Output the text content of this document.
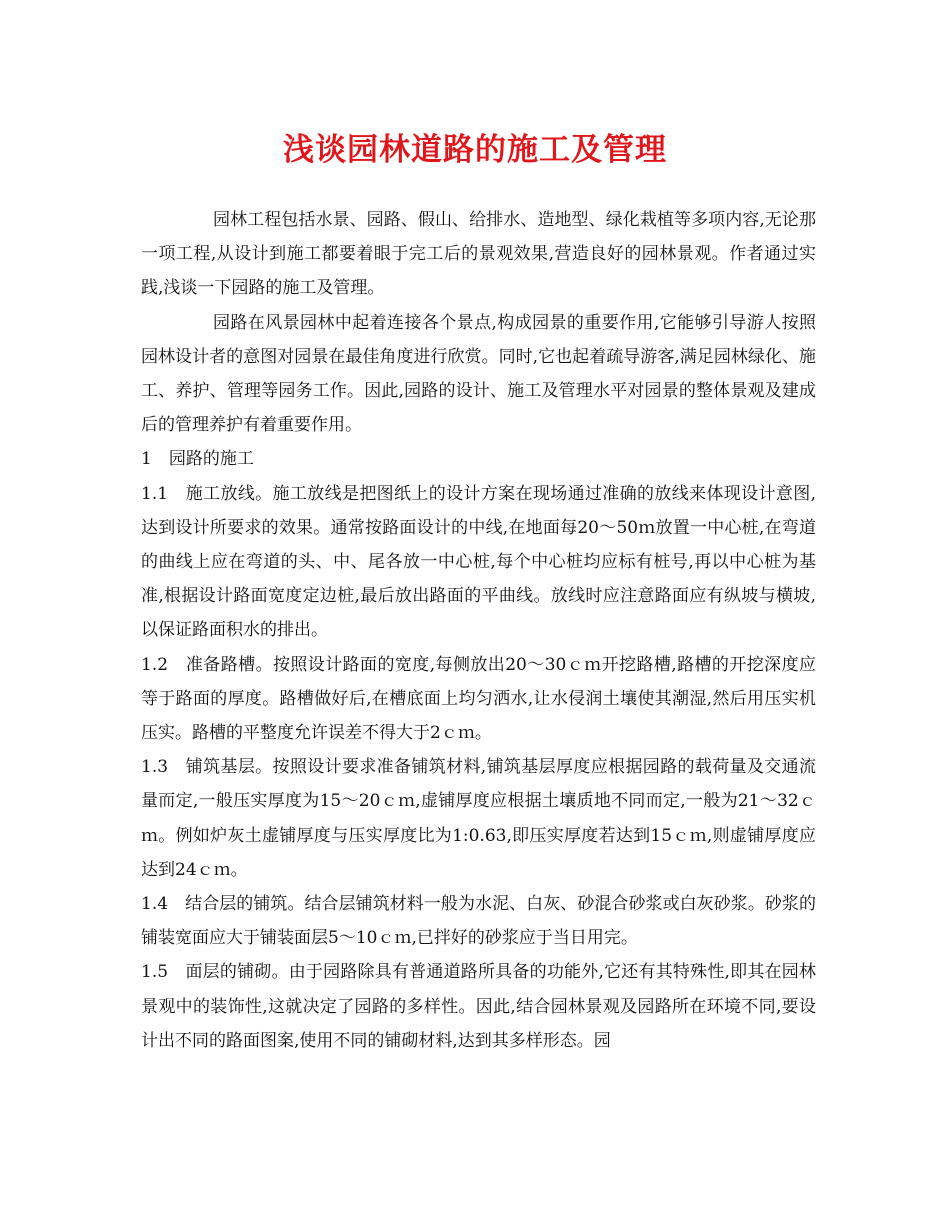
浅谈园林道路的施工及管理

园林工程包括水景、园路、假山、给排水、造地型、绿化栽植等多项内容,无论那一项工程,从设计到施工都要着眼于完工后的景观效果,营造良好的园林景观。作者通过实践,浅谈一下园路的施工及管理。

园路在风景园林中起着连接各个景点,构成园景的重要作用,它能够引导游人按照园林设计者的意图对园景在最佳角度进行欣赏。同时,它也起着疏导游客,满足园林绿化、施工、养护、管理等园务工作。因此,园路的设计、施工及管理水平对园景的整体景观及建成后的管理养护有着重要作用。

1　园路的施工

1.1　施工放线。施工放线是把图纸上的设计方案在现场通过准确的放线来体现设计意图,达到设计所要求的效果。通常按路面设计的中线,在地面每20～50ｍ放置一中心桩,在弯道的曲线上应在弯道的头、中、尾各放一中心桩,每个中心桩均应标有桩号,再以中心桩为基准,根据设计路面宽度定边桩,最后放出路面的平曲线。放线时应注意路面应有纵坡与横坡,以保证路面积水的排出。

1.2　准备路槽。按照设计路面的宽度,每侧放出20～30ｃｍ开挖路槽,路槽的开挖深度应等于路面的厚度。路槽做好后,在槽底面上均匀洒水,让水侵润土壤使其潮湿,然后用压实机压实。路槽的平整度允许误差不得大于2ｃｍ。

1.3　铺筑基层。按照设计要求准备铺筑材料,铺筑基层厚度应根据园路的载荷量及交通流量而定,一般压实厚度为15～20ｃｍ,虚铺厚度应根据土壤质地不同而定,一般为21～32ｃｍ。例如炉灰土虚铺厚度与压实厚度比为1:0.63,即压实厚度若达到15ｃｍ,则虚铺厚度应达到24ｃｍ。

1.4　结合层的铺筑。结合层铺筑材料一般为水泥、白灰、砂混合砂浆或白灰砂浆。砂浆的铺装宽面应大于铺装面层5～10ｃｍ,已拌好的砂浆应于当日用完。

1.5　面层的铺砌。由于园路除具有普通道路所具备的功能外,它还有其特殊性,即其在园林景观中的装饰性,这就决定了园路的多样性。因此,结合园林景观及园路所在环境不同,要设计出不同的路面图案,使用不同的铺砌材料,达到其多样形态。园
